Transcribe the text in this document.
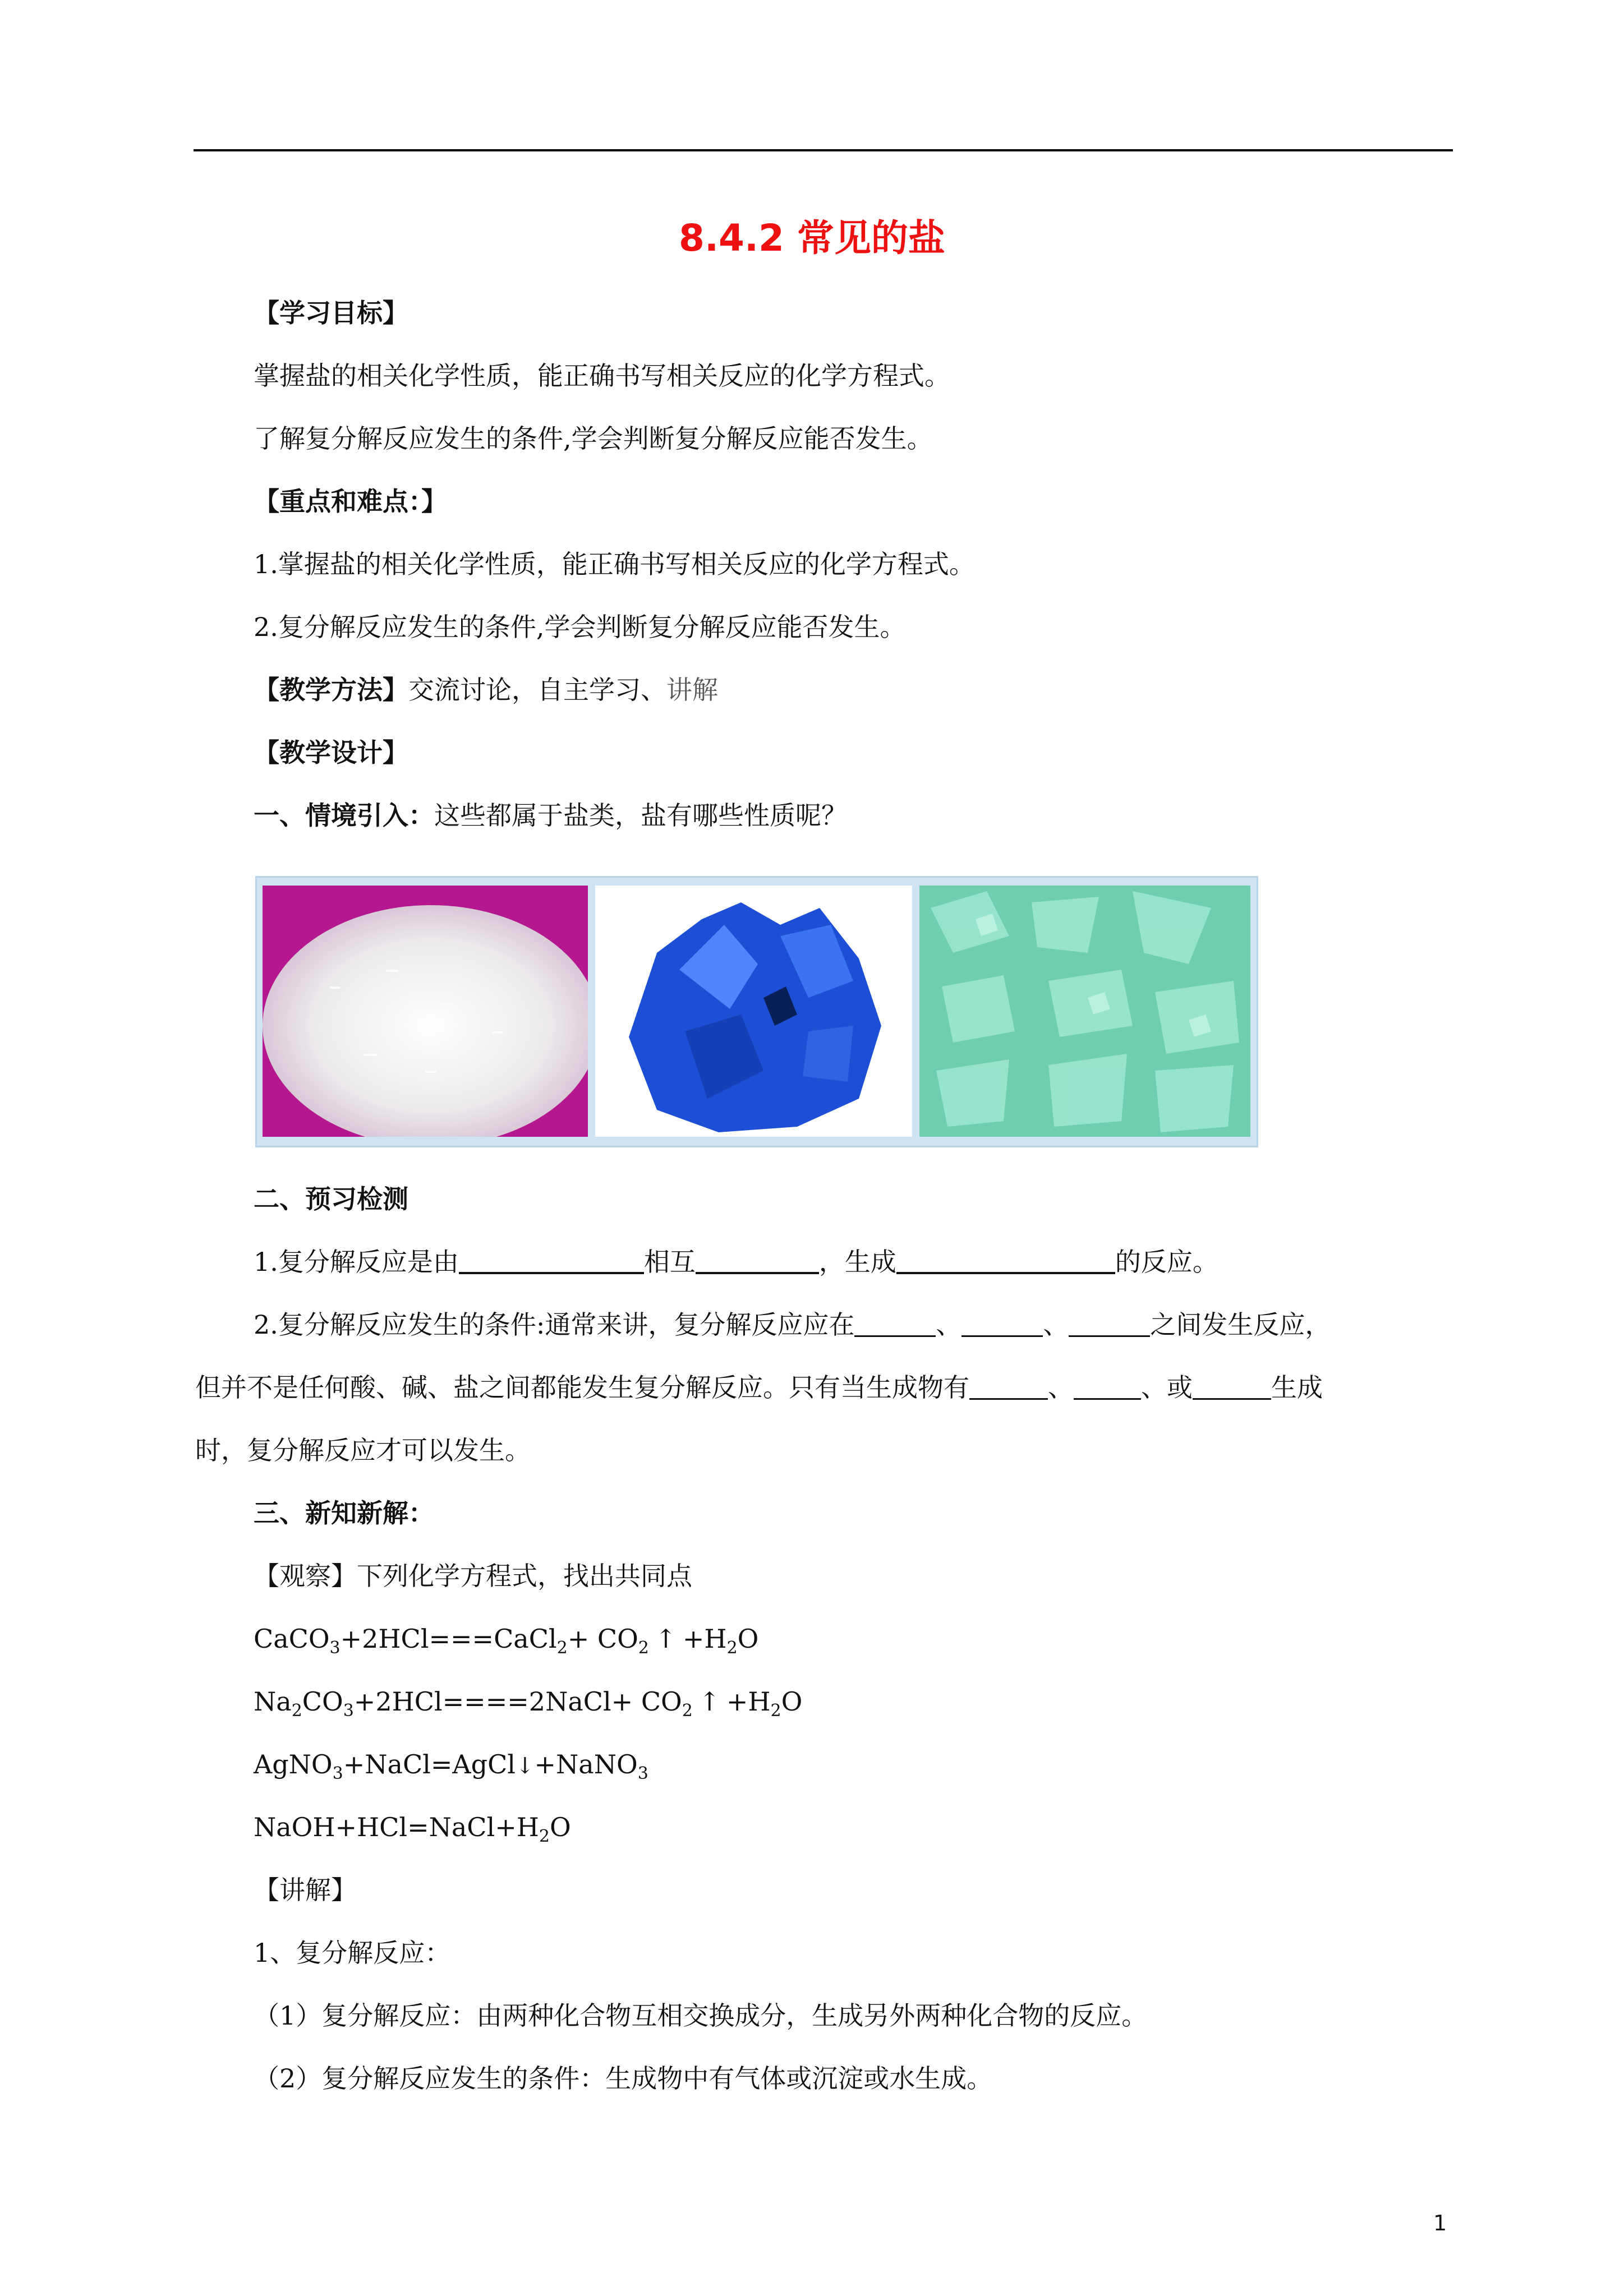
8.4.2 常见的盐
【学习目标】
掌握盐的相关化学性质，能正确书写相关反应的化学方程式。
了解复分解反应发生的条件,学会判断复分解反应能否发生。
【重点和难点：】
1.掌握盐的相关化学性质，能正确书写相关反应的化学方程式。
2.复分解反应发生的条件,学会判断复分解反应能否发生。
【教学方法】交流讨论，自主学习、讲解
【教学设计】
一、情境引入：这些都属于盐类，盐有哪些性质呢？
二、预习检测
1.复分解反应是由	相互	，生成	的反应。
2.复分解反应发生的条件:通常来讲，复分解反应应在	、	、	之间发生反应，
但并不是任何酸、碱、盐之间都能发生复分解反应。只有当生成物有	、	、或	生成
时，复分解反应才可以发生。
三、新知新解：
【观察】下列化学方程式，找出共同点
CaCO$_3$+2HCl===CaCl$_2$+ $CO_2$ ↑ $+H_2O$
$Na_2CO_3+2HCl====2NaCl+ CO_2$ ↑ $+H_2O$
AgNO$_3$+NaCl=AgCl↓+NaNO$_3$
$NaOH+HCl=NaCl+H_2O$
【讲解】
1、复分解反应：
（1）复分解反应：由两种化合物互相交换成分，生成另外两种化合物的反应。
（2）复分解反应发生的条件：生成物中有气体或沉淀或水生成。
1
